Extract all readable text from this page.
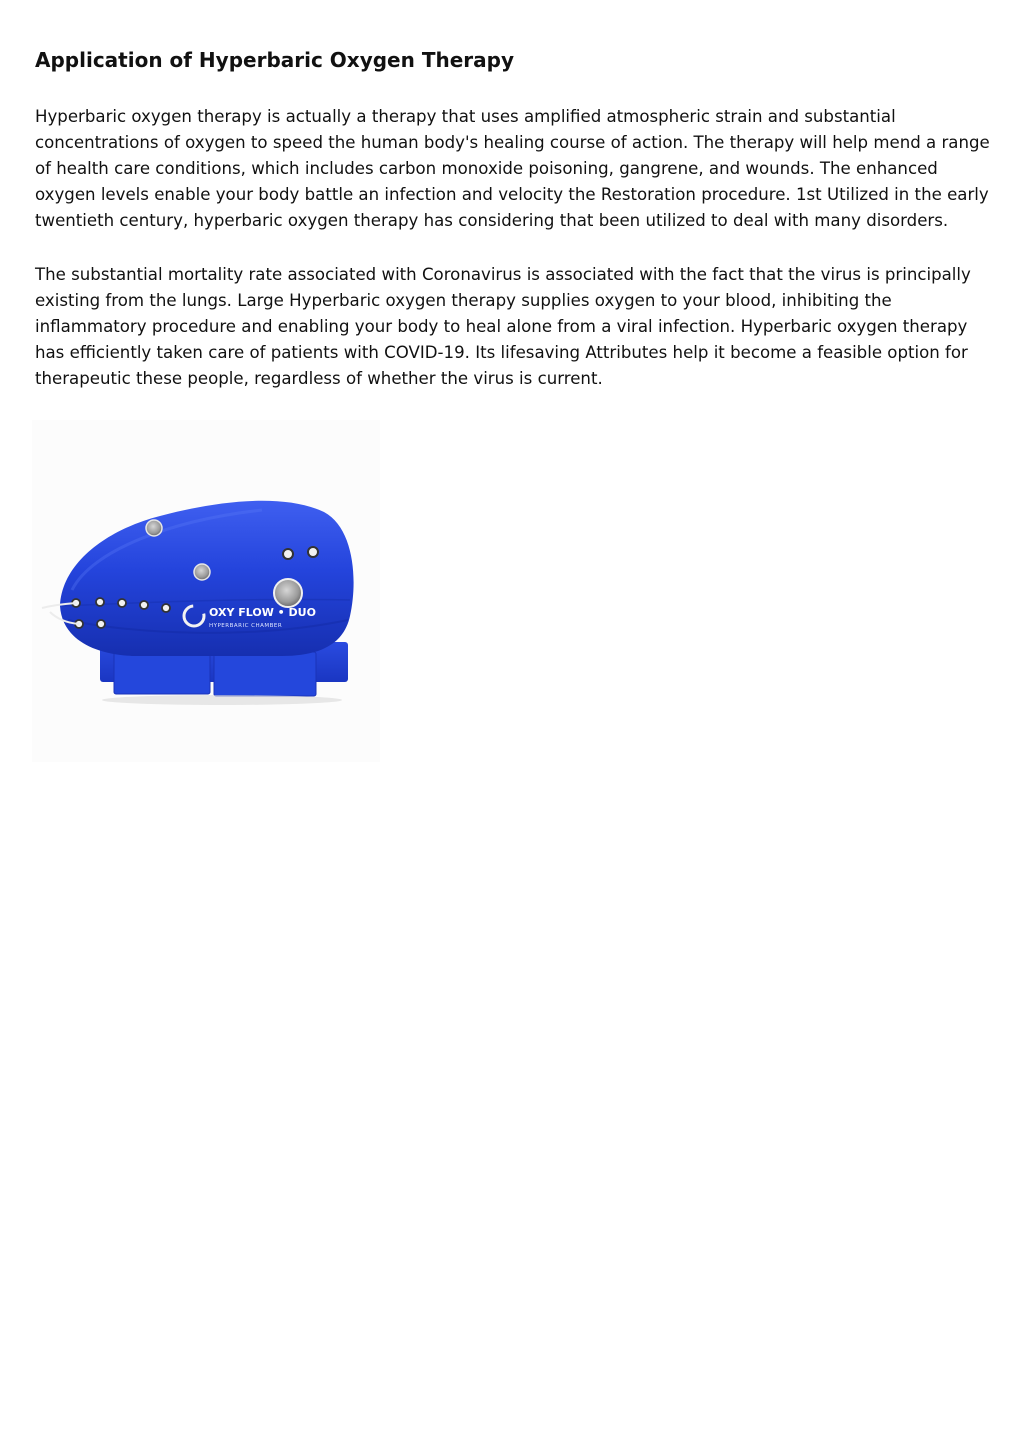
Application of Hyperbaric Oxygen Therapy

Hyperbaric oxygen therapy is actually a therapy that uses amplified atmospheric strain and substantial concentrations of oxygen to speed the human body's healing course of action. The therapy will help mend a range of health care conditions, which includes carbon monoxide poisoning, gangrene, and wounds. The enhanced oxygen levels enable your body battle an infection and velocity the Restoration procedure. 1st Utilized in the early twentieth century, hyperbaric oxygen therapy has considering that been utilized to deal with many disorders.

The substantial mortality rate associated with Coronavirus is associated with the fact that the virus is principally existing from the lungs. Large Hyperbaric oxygen therapy supplies oxygen to your blood, inhibiting the inflammatory procedure and enabling your body to heal alone from a viral infection. Hyperbaric oxygen therapy has efficiently taken care of patients with COVID-19. Its lifesaving Attributes help it become a feasible option for therapeutic these people, regardless of whether the virus is current.

OXY FLOW • DUO
HYPERBARIC CHAMBER
